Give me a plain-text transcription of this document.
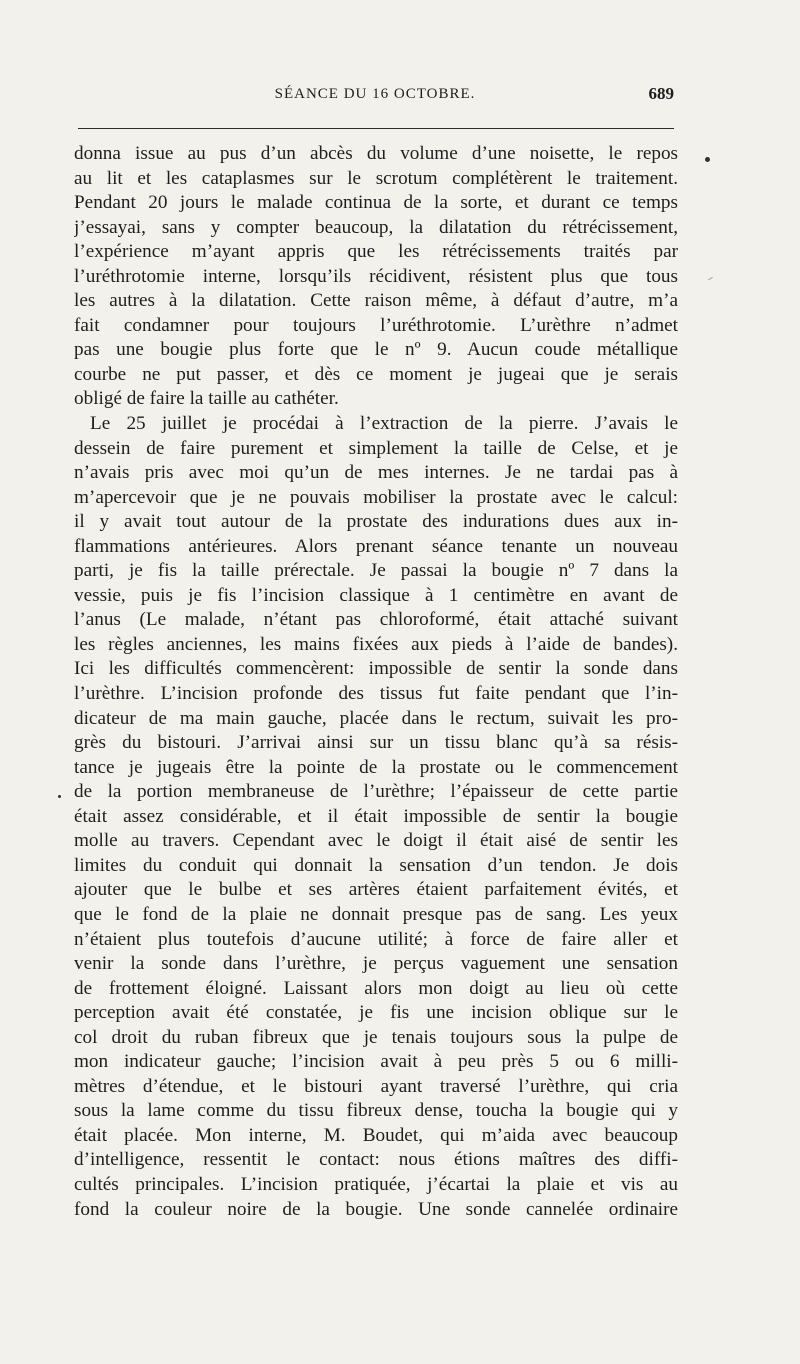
SÉANCE DU 16 OCTOBRE.	689
donna issue au pus d’un abcès du volume d’une noisette, le repos
au lit et les cataplasmes sur le scrotum complétèrent le traitement.
Pendant 20 jours le malade continua de la sorte, et durant ce temps
j’essayai, sans y compter beaucoup, la dilatation du rétrécissement,
l’expérience m’ayant appris que les rétrécissements traités par
l’uréthrotomie interne, lorsqu’ils récidivent, résistent plus que tous
les autres à la dilatation. Cette raison même, à défaut d’autre, m’a
fait condamner pour toujours l’uréthrotomie. L’urèthre n’admet
pas une bougie plus forte que le nº 9. Aucun coude métallique
courbe ne put passer, et dès ce moment je jugeai que je serais
obligé de faire la taille au cathéter.
Le 25 juillet je procédai à l’extraction de la pierre. J’avais le
dessein de faire purement et simplement la taille de Celse, et je
n’avais pris avec moi qu’un de mes internes. Je ne tardai pas à
m’apercevoir que je ne pouvais mobiliser la prostate avec le calcul:
il y avait tout autour de la prostate des indurations dues aux in-
flammations antérieures. Alors prenant séance tenante un nouveau
parti, je fis la taille prérectale. Je passai la bougie nº 7 dans la
vessie, puis je fis l’incision classique à 1 centimètre en avant de
l’anus (Le malade, n’étant pas chloroformé, était attaché suivant
les règles anciennes, les mains fixées aux pieds à l’aide de bandes).
Ici les difficultés commencèrent: impossible de sentir la sonde dans
l’urèthre. L’incision profonde des tissus fut faite pendant que l’in-
dicateur de ma main gauche, placée dans le rectum, suivait les pro-
grès du bistouri. J’arrivai ainsi sur un tissu blanc qu’à sa résis-
tance je jugeais être la pointe de la prostate ou le commencement
de la portion membraneuse de l’urèthre; l’épaisseur de cette partie
était assez considérable, et il était impossible de sentir la bougie
molle au travers. Cependant avec le doigt il était aisé de sentir les
limites du conduit qui donnait la sensation d’un tendon. Je dois
ajouter que le bulbe et ses artères étaient parfaitement évités, et
que le fond de la plaie ne donnait presque pas de sang. Les yeux
n’étaient plus toutefois d’aucune utilité; à force de faire aller et
venir la sonde dans l’urèthre, je perçus vaguement une sensation
de frottement éloigné. Laissant alors mon doigt au lieu où cette
perception avait été constatée, je fis une incision oblique sur le
col droit du ruban fibreux que je tenais toujours sous la pulpe de
mon indicateur gauche; l’incision avait à peu près 5 ou 6 milli-
mètres d’étendue, et le bistouri ayant traversé l’urèthre, qui cria
sous la lame comme du tissu fibreux dense, toucha la bougie qui y
était placée. Mon interne, M. Boudet, qui m’aida avec beaucoup
d’intelligence, ressentit le contact: nous étions maîtres des diffi-
cultés principales. L’incision pratiquée, j’écartai la plaie et vis au
fond la couleur noire de la bougie. Une sonde cannelée ordinaire
